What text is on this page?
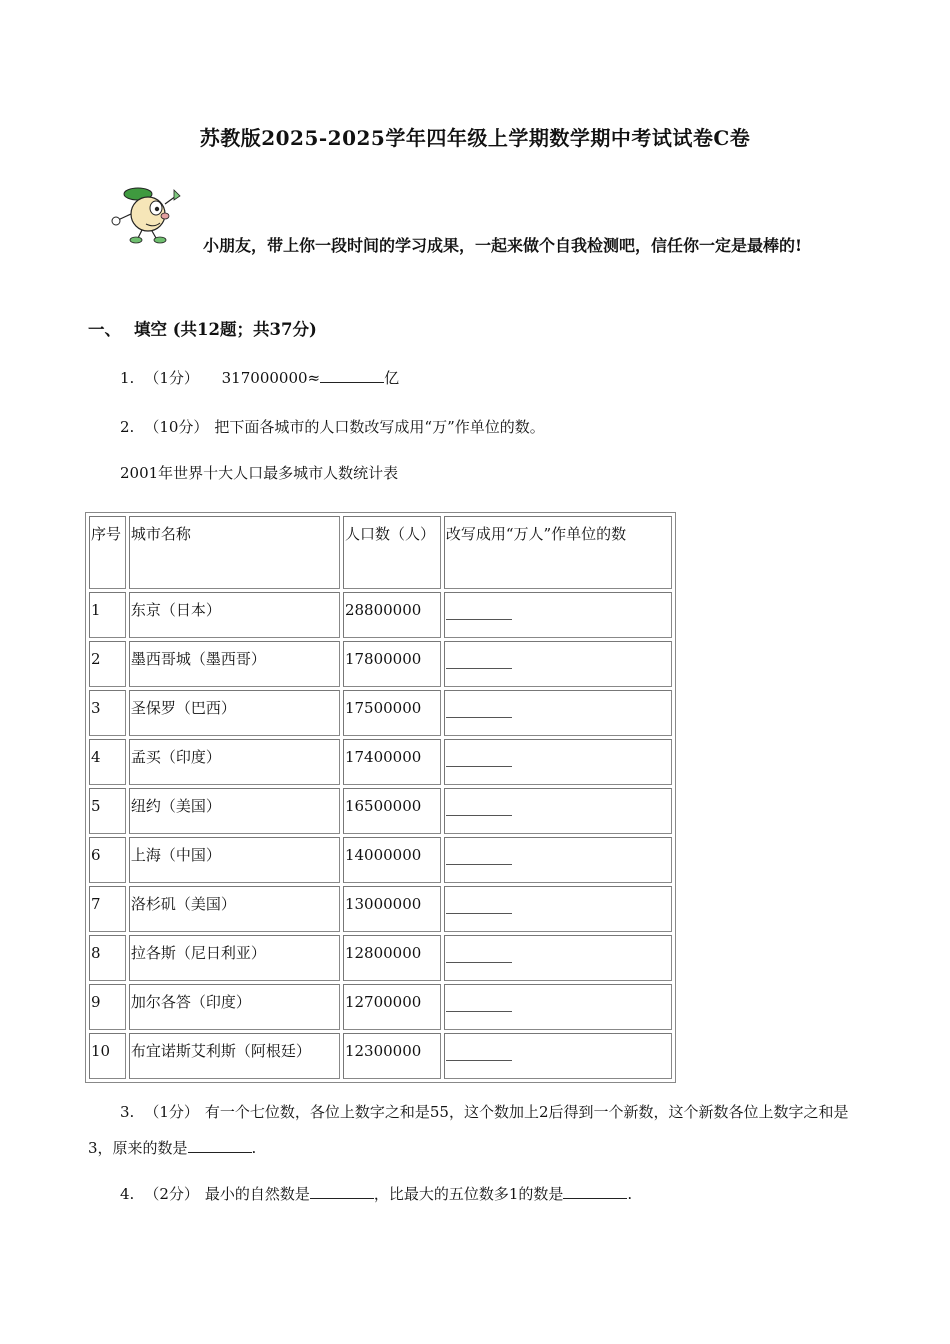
苏教版2025-2025学年四年级上学期数学期中考试试卷C卷
小朋友，带上你一段时间的学习成果，一起来做个自我检测吧，信任你一定是最棒的!
一、 填空 (共12题；共37分)
1. （1分） 317000000≈	亿
2. （10分） 把下面各城市的人口数改写成用“万”作单位的数。
2001年世界十大人口最多城市人数统计表
序号	城市名称	人口数（人）	改写成用“万人”作单位的数
1	东京（日本）	28800000	

2	墨西哥城（墨西哥）	17800000	

3	圣保罗（巴西）	17500000	

4	孟买（印度）	17400000	

5	纽约（美国）	16500000	

6	上海（中国）	14000000	

7	洛杉矶（美国）	13000000	

8	拉各斯（尼日利亚）	12800000	

9	加尔各答（印度）	12700000	

10	布宜诺斯艾利斯（阿根廷）	12300000	
3. （1分） 有一个七位数，各位上数字之和是55，这个数加上2后得到一个新数，这个新数各位上数字之和是3，原来的数是	.
4. （2分） 最小的自然数是	，比最大的五位数多1的数是	.
